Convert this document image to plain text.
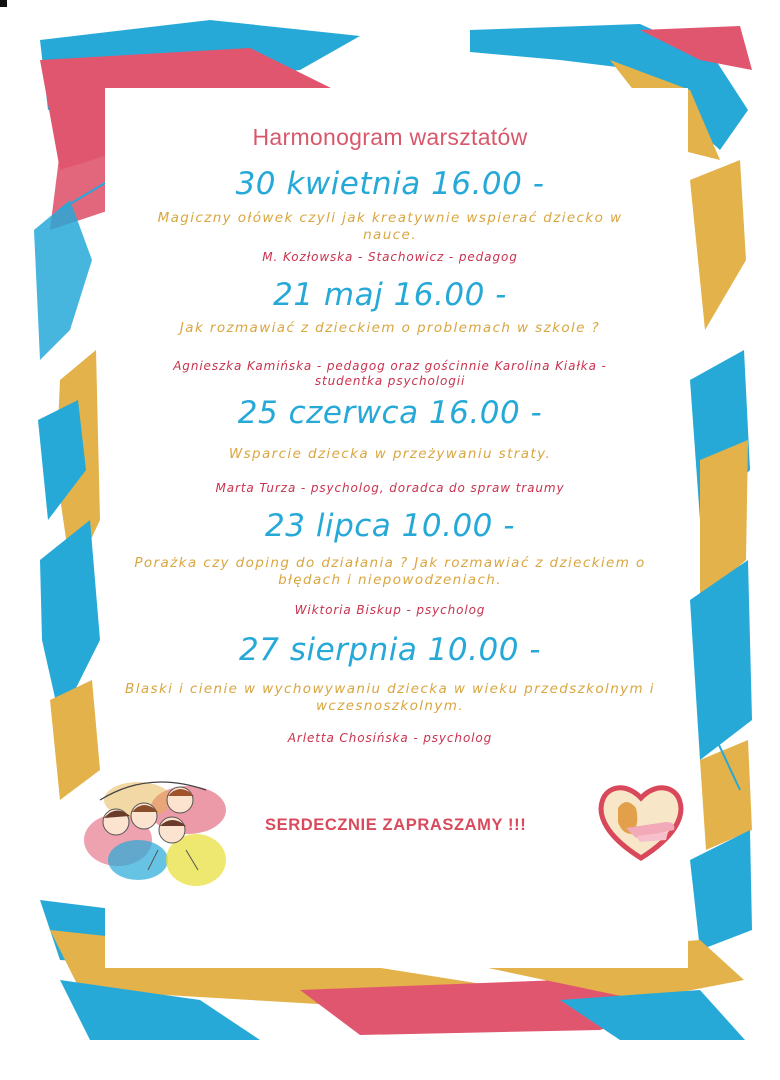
Harmonogram warsztatów
30 kwietnia 16.00 -
Magiczny ołówek czyli jak kreatywnie wspierać dziecko w
nauce.
M. Kozłowska - Stachowicz - pedagog
21 maj 16.00 -
Jak rozmawiać z dzieckiem o problemach w szkole ?
Agnieszka Kamińska - pedagog oraz gościnnie Karolina Kiałka -
studentka psychologii
25 czerwca 16.00 -
Wsparcie dziecka w przeżywaniu straty.
Marta Turza - psycholog, doradca do spraw traumy
23 lipca 10.00 -
Porażka czy doping do działania ? Jak rozmawiać z dzieckiem o
błędach i niepowodzeniach.
Wiktoria Biskup - psycholog
27 sierpnia 10.00 -
Blaski i cienie w wychowywaniu dziecka w wieku przedszkolnym i
wczesnoszkolnym.
Arletta Chosińska - psycholog
SERDECZNIE ZAPRASZAMY !!!
